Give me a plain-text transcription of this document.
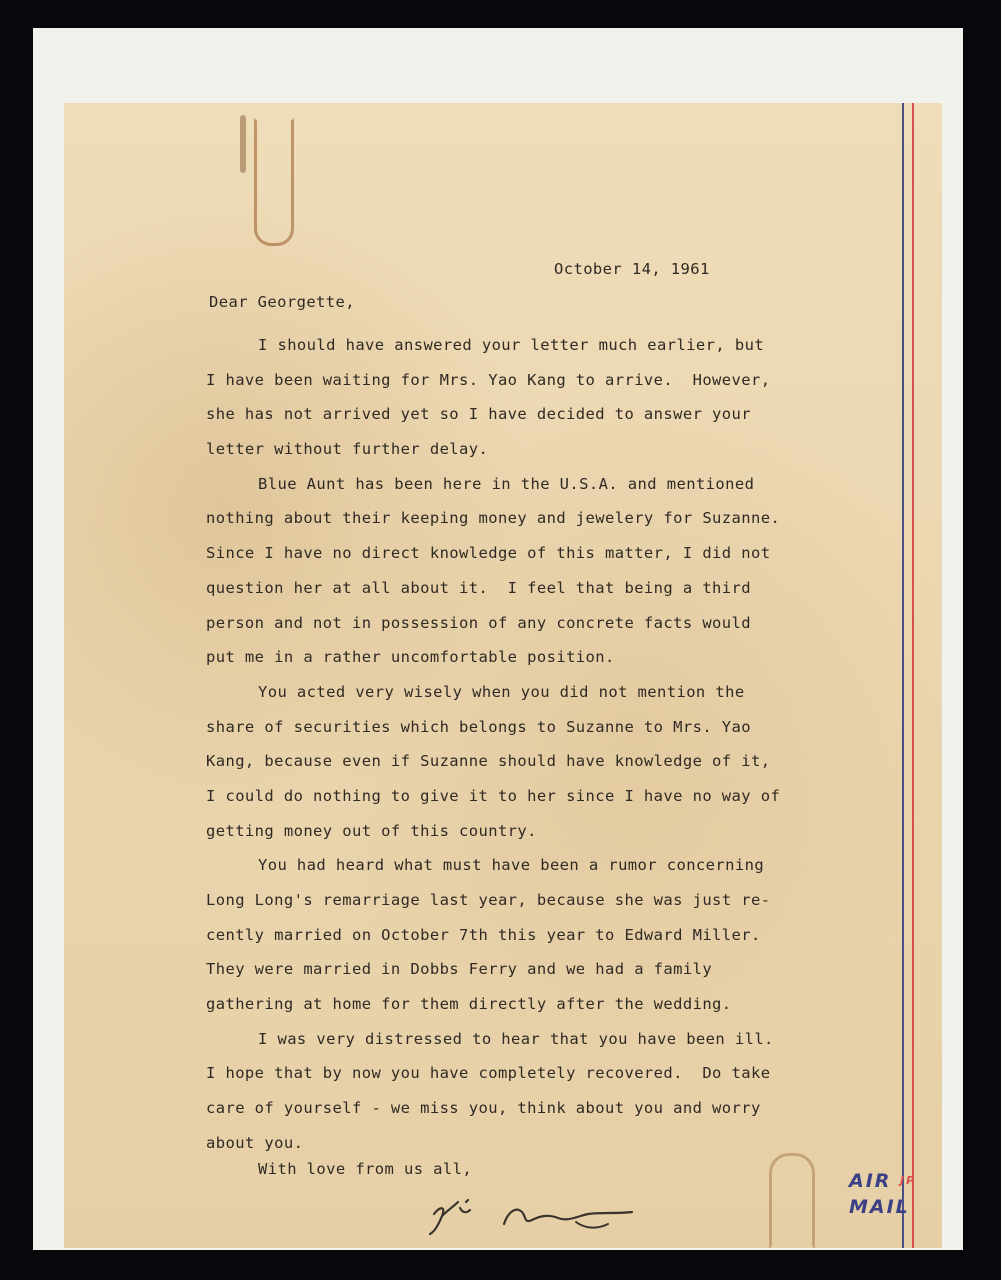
October 14, 1961

Dear Georgette,

I should have answered your letter much earlier, but
I have been waiting for Mrs. Yao Kang to arrive.  However,
she has not arrived yet so I have decided to answer your
letter without further delay.
Blue Aunt has been here in the U.S.A. and mentioned
nothing about their keeping money and jewelery for Suzanne.
Since I have no direct knowledge of this matter, I did not
question her at all about it.  I feel that being a third
person and not in possession of any concrete facts would
put me in a rather uncomfortable position.
You acted very wisely when you did not mention the
share of securities which belongs to Suzanne to Mrs. Yao
Kang, because even if Suzanne should have knowledge of it,
I could do nothing to give it to her since I have no way of
getting money out of this country.
You had heard what must have been a rumor concerning
Long Long's remarriage last year, because she was just re-
cently married on October 7th this year to Edward Miller.
They were married in Dobbs Ferry and we had a family
gathering at home for them directly after the wedding.
I was very distressed to hear that you have been ill.
I hope that by now you have completely recovered.  Do take
care of yourself - we miss you, think about you and worry
about you.

With love from us all,

AIR $^{JP}$
MAIL
